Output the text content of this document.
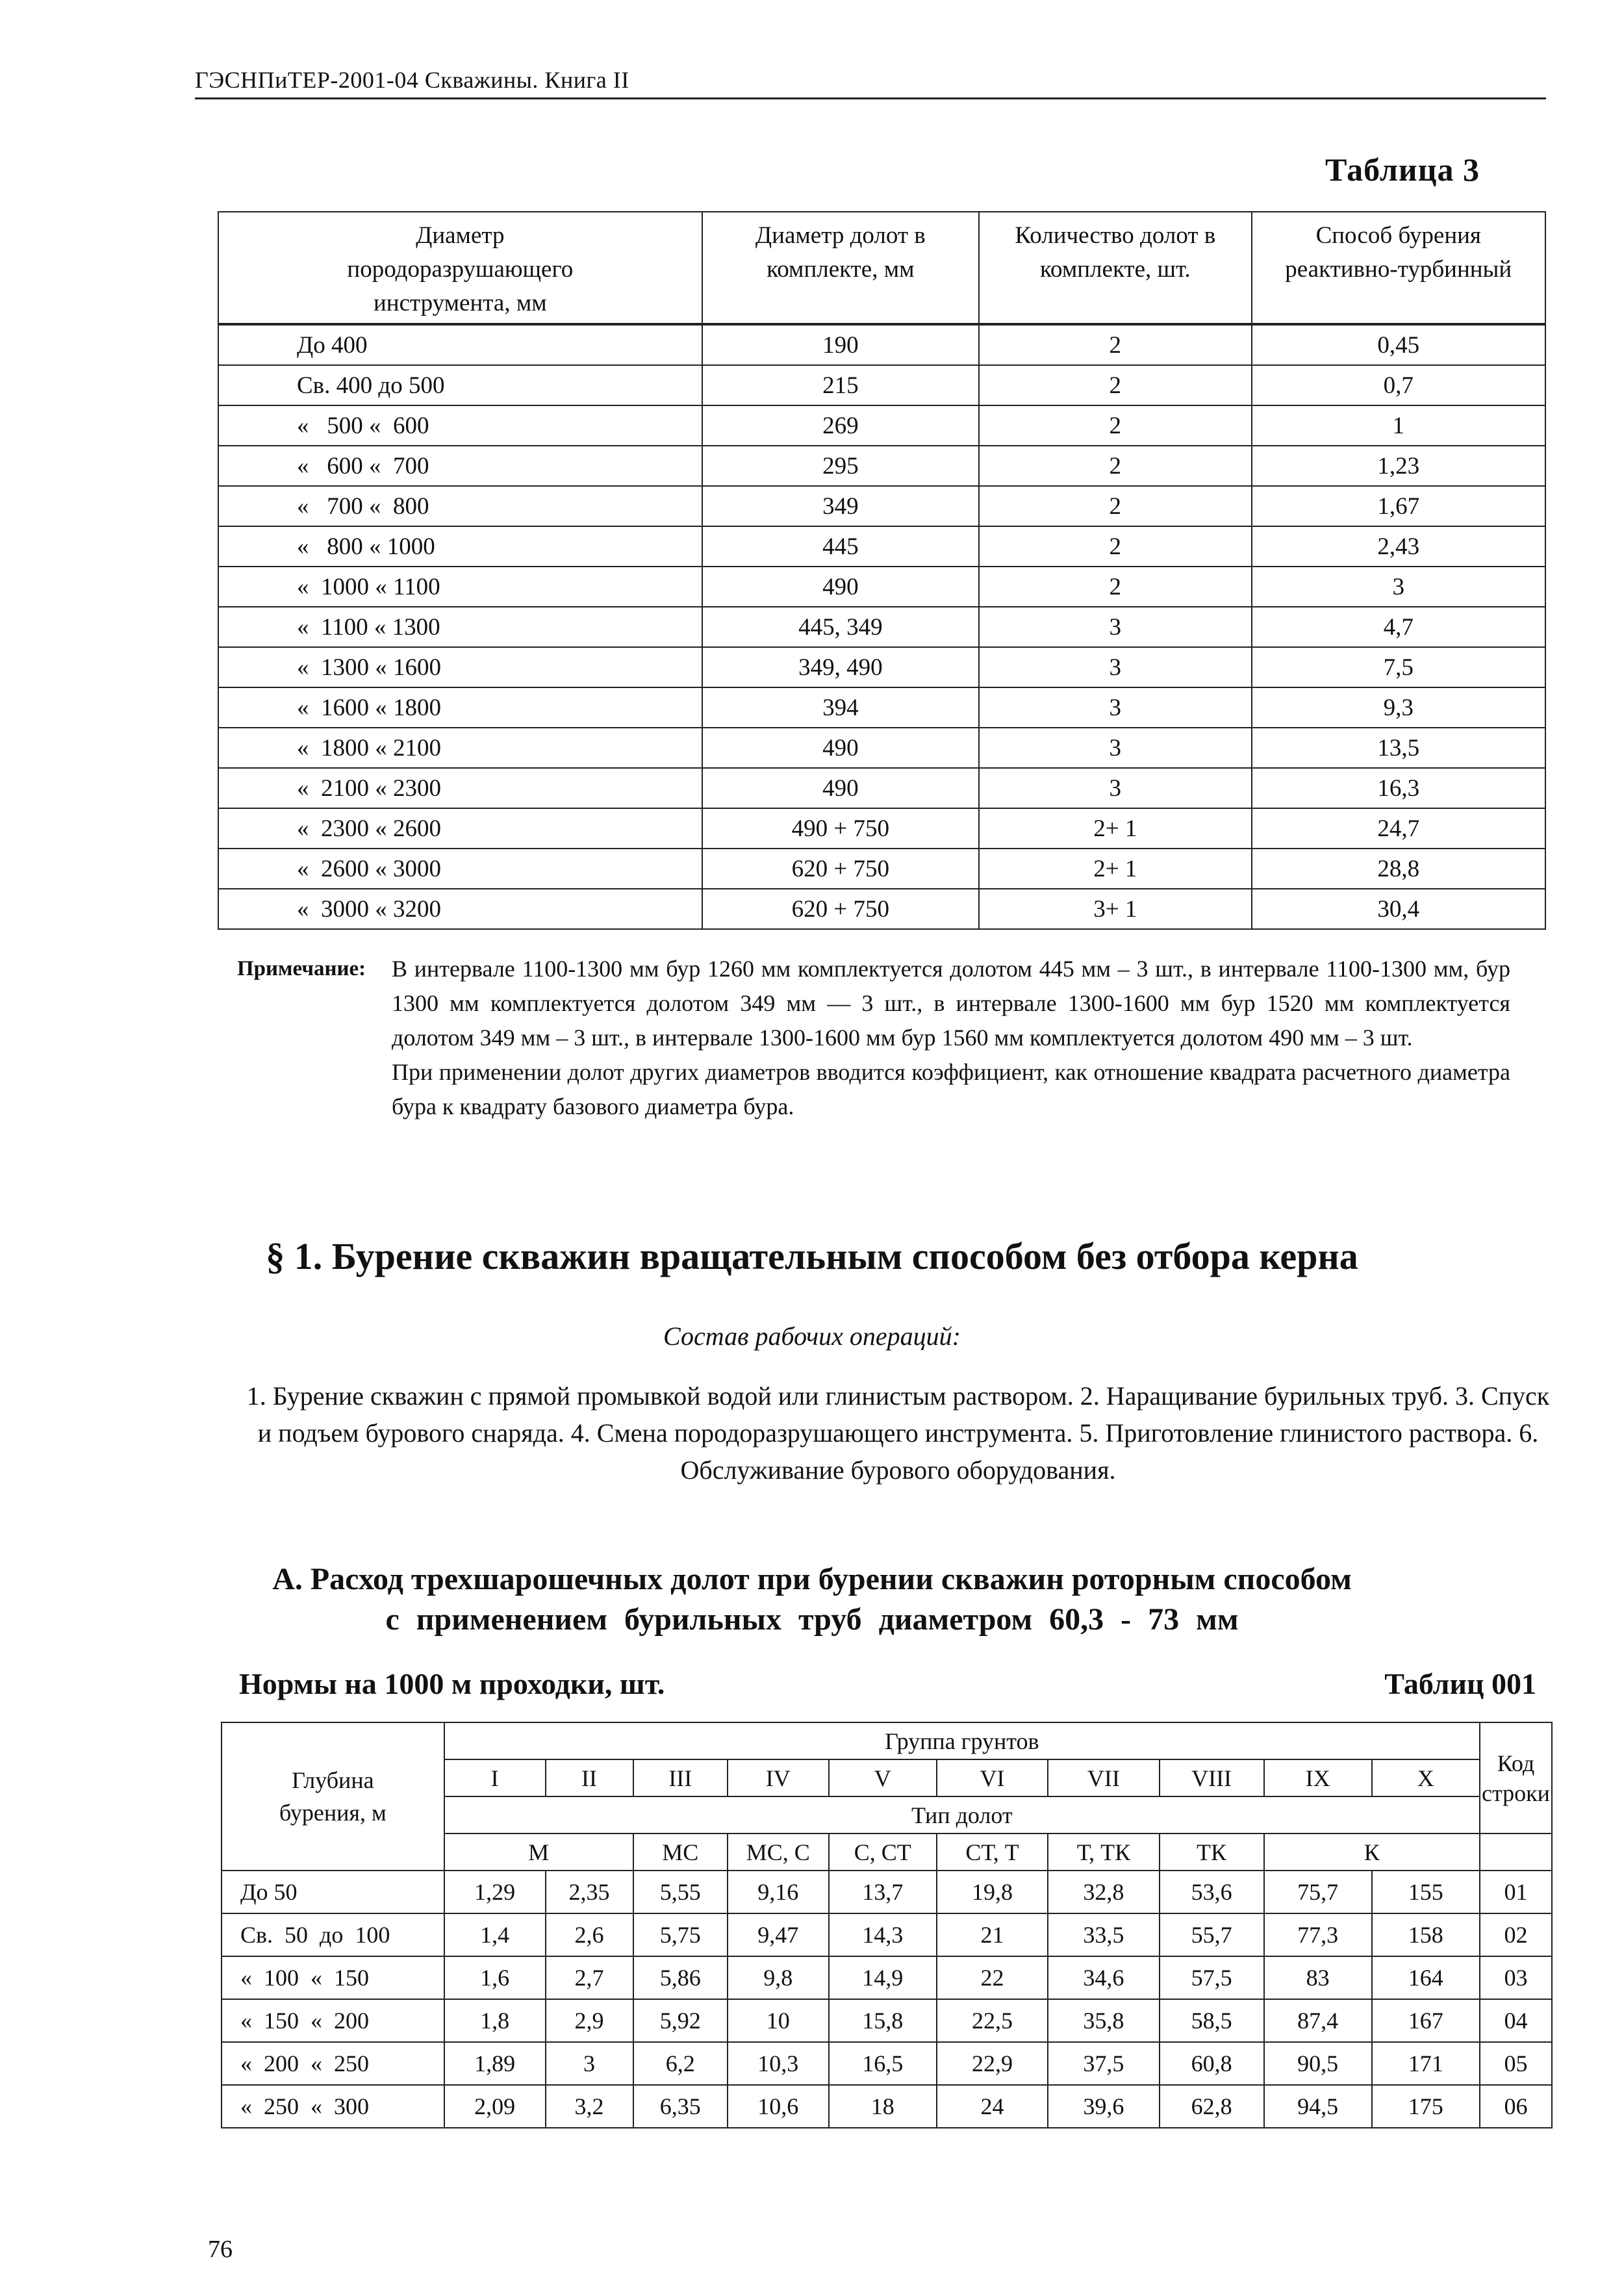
ГЭСНПиТЕР-2001-04 Скважины. Книга II
Таблица 3
Диаметр породоразрушающего инструмента, мм	Диаметр долот в комплекте, мм	Количество долот в комплекте, шт.	Способ бурения реактивно-турбинный
До 400	190	2	0,45
Св. 400 до 500	215	2	0,7
«   500 «  600	269	2	1
«   600 «  700	295	2	1,23
«   700 «  800	349	2	1,67
«   800 « 1000	445	2	2,43
«  1000 « 1100	490	2	3
«  1100 « 1300	445, 349	3	4,7
«  1300 « 1600	349, 490	3	7,5
«  1600 « 1800	394	3	9,3
«  1800 « 2100	490	3	13,5
«  2100 « 2300	490	3	16,3
«  2300 « 2600	490 + 750	2+ 1	24,7
«  2600 « 3000	620 + 750	2+ 1	28,8
«  3000 « 3200	620 + 750	3+ 1	30,4
Примечание: В интервале 1100-1300 мм бур 1260 мм комплектуется долотом 445 мм – 3 шт., в интервале 1100-1300 мм, бур 1300 мм комплектуется долотом 349 мм — 3 шт., в интервале 1300-1600 мм бур 1520 мм комплектуется долотом 349 мм – 3 шт., в интервале 1300-1600 мм бур 1560 мм комплектуется долотом 490 мм – 3 шт.
При применении долот других диаметров вводится коэффициент, как отношение квадрата расчетного диаметра бура к квадрату базового диаметра бура.
§ 1. Бурение скважин вращательным способом без отбора керна
Состав рабочих операций:
1. Бурение скважин с прямой промывкой водой или глинистым раствором. 2. Наращивание бурильных труб. 3. Спуск и подъем бурового снаряда. 4. Смена породоразрушающего инструмента. 5. Приготовление глинистого раствора. 6. Обслуживание бурового оборудования.
А. Расход трехшарошечных долот при бурении скважин роторным способом
с применением бурильных труб диаметром 60,3 - 73 мм
Нормы на 1000 м проходки, шт.	Таблиц 001
Глубина бурения, м	Группа грунтов										Код строки
	I	II	III	IV	V	VI	VII	VIII	IX	X	
	Тип долот										
	М		МС	МС, С	С, СТ	СТ, Т	Т, ТК	ТК	К		
До 50	1,29	2,35	5,55	9,16	13,7	19,8	32,8	53,6	75,7	155	01
Св.  50  до  100	1,4	2,6	5,75	9,47	14,3	21	33,5	55,7	77,3	158	02
«  100  «  150	1,6	2,7	5,86	9,8	14,9	22	34,6	57,5	83	164	03
«  150  «  200	1,8	2,9	5,92	10	15,8	22,5	35,8	58,5	87,4	167	04
«  200  «  250	1,89	3	6,2	10,3	16,5	22,9	37,5	60,8	90,5	171	05
«  250  «  300	2,09	3,2	6,35	10,6	18	24	39,6	62,8	94,5	175	06
76
